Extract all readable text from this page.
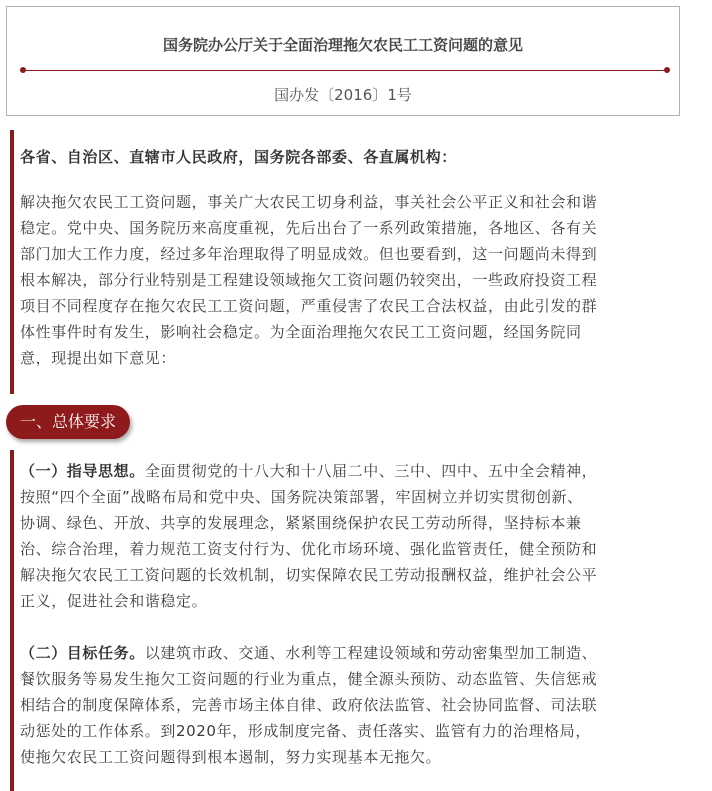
国务院办公厅关于全面治理拖欠农民工工资问题的意见
国办发〔2016〕1号

各省、自治区、直辖市人民政府，国务院各部委、各直属机构：

解决拖欠农民工工资问题，事关广大农民工切身利益，事关社会公平正义和社会和谐
稳定。党中央、国务院历来高度重视，先后出台了一系列政策措施，各地区、各有关
部门加大工作力度，经过多年治理取得了明显成效。但也要看到，这一问题尚未得到
根本解决，部分行业特别是工程建设领域拖欠工资问题仍较突出，一些政府投资工程
项目不同程度存在拖欠农民工工资问题，严重侵害了农民工合法权益，由此引发的群
体性事件时有发生，影响社会稳定。为全面治理拖欠农民工工资问题，经国务院同
意，现提出如下意见：
一、总体要求
（一）指导思想。全面贯彻党的十八大和十八届二中、三中、四中、五中全会精神，
按照“四个全面”战略布局和党中央、国务院决策部署，牢固树立并切实贯彻创新、
协调、绿色、开放、共享的发展理念，紧紧围绕保护农民工劳动所得，坚持标本兼
治、综合治理，着力规范工资支付行为、优化市场环境、强化监管责任，健全预防和
解决拖欠农民工工资问题的长效机制，切实保障农民工劳动报酬权益，维护社会公平
正义，促进社会和谐稳定。
（二）目标任务。以建筑市政、交通、水利等工程建设领域和劳动密集型加工制造、
餐饮服务等易发生拖欠工资问题的行业为重点，健全源头预防、动态监管、失信惩戒
相结合的制度保障体系，完善市场主体自律、政府依法监管、社会协同监督、司法联
动惩处的工作体系。到2020年，形成制度完备、责任落实、监管有力的治理格局，
使拖欠农民工工资问题得到根本遏制，努力实现基本无拖欠。
